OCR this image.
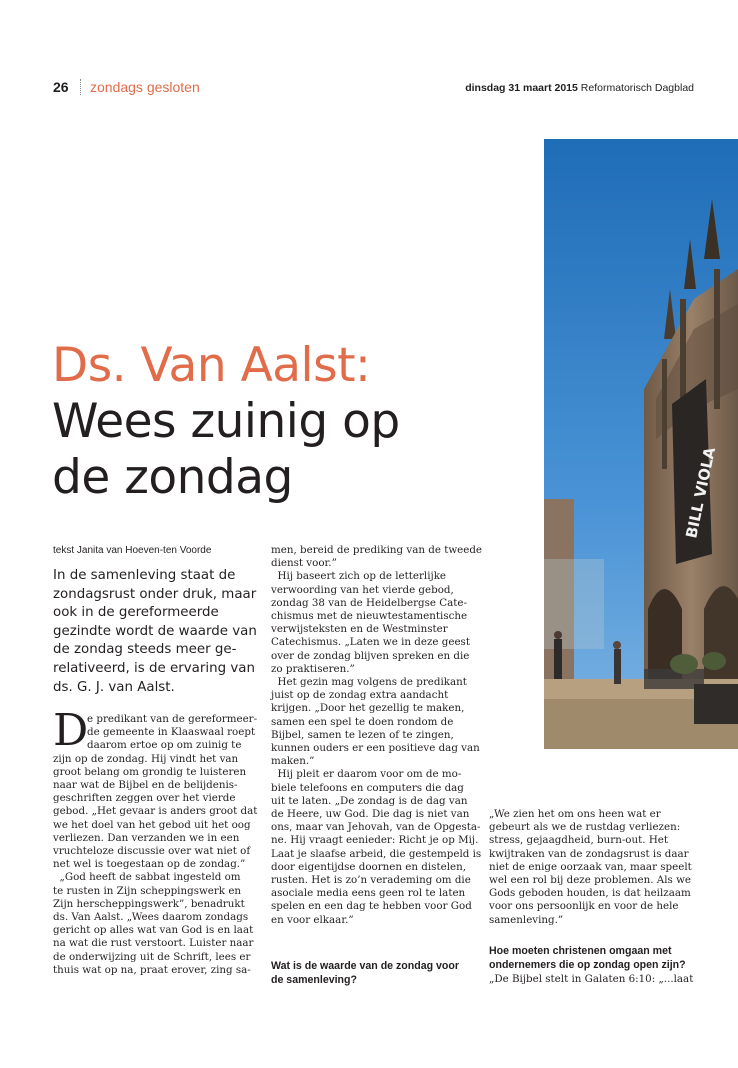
26 zondags gesloten	dinsdag 31 maart 2015 Reformatorisch Dagblad
BILL VIOLA
Ds. Van Aalst:
Wees zuinig op
de zondag
tekst Janita van Hoeven-ten Voorde
In de samenleving staat de
zondagsrust onder druk, maar
ook in de gereformeerde
gezindte wordt de waarde van
de zondag steeds meer ge-
relativeerd, is de ervaring van
ds. G. J. van Aalst.
D
e predikant van de gereformeer-
de gemeente in Klaaswaal roept
daarom ertoe op om zuinig te
zijn op de zondag. Hij vindt het van
groot belang om grondig te luisteren
naar wat de Bijbel en de belijdenis-
geschriften zeggen over het vierde
gebod. „Het gevaar is anders groot dat
we het doel van het gebod uit het oog
verliezen. Dan verzanden we in een
vruchteloze discussie over wat niet of
net wel is toegestaan op de zondag.”
„God heeft de sabbat ingesteld om
te rusten in Zijn scheppingswerk en
Zijn herscheppingswerk”, benadrukt
ds. Van Aalst. „Wees daarom zondags
gericht op alles wat van God is en laat
na wat die rust verstoort. Luister naar
de onderwijzing uit de Schrift, lees er
thuis wat op na, praat erover, zing sa-
men, bereid de prediking van de tweede
dienst voor.”
Hij baseert zich op de letterlijke
verwoording van het vierde gebod,
zondag 38 van de Heidelbergse Cate-
chismus met de nieuwtestamentische
verwijsteksten en de Westminster
Catechismus. „Laten we in deze geest
over de zondag blijven spreken en die
zo praktiseren.”
Het gezin mag volgens de predikant
juist op de zondag extra aandacht
krijgen. „Door het gezellig te maken,
samen een spel te doen rondom de
Bijbel, samen te lezen of te zingen,
kunnen ouders er een positieve dag van
maken.”
Hij pleit er daarom voor om de mo-
biele telefoons en computers die dag
uit te laten. „De zondag is de dag van
de Heere, uw God. Die dag is niet van
ons, maar van Jehovah, van de Opgesta-
ne. Hij vraagt eenieder: Richt je op Mij.
Laat je slaafse arbeid, die gestempeld is
door eigentijdse doornen en distelen,
rusten. Het is zo’n verademing om die
asociale media eens geen rol te laten
spelen en een dag te hebben voor God
en voor elkaar.”
Wat is de waarde van de zondag voor
de samenleving?
„We zien het om ons heen wat er
gebeurt als we de rustdag verliezen:
stress, gejaagdheid, burn-out. Het
kwijtraken van de zondagsrust is daar
niet de enige oorzaak van, maar speelt
wel een rol bij deze problemen. Als we
Gods geboden houden, is dat heilzaam
voor ons persoonlijk en voor de hele
samenleving.”
Hoe moeten christenen omgaan met
ondernemers die op zondag open zijn?
„De Bijbel stelt in Galaten 6:10: „...laat
